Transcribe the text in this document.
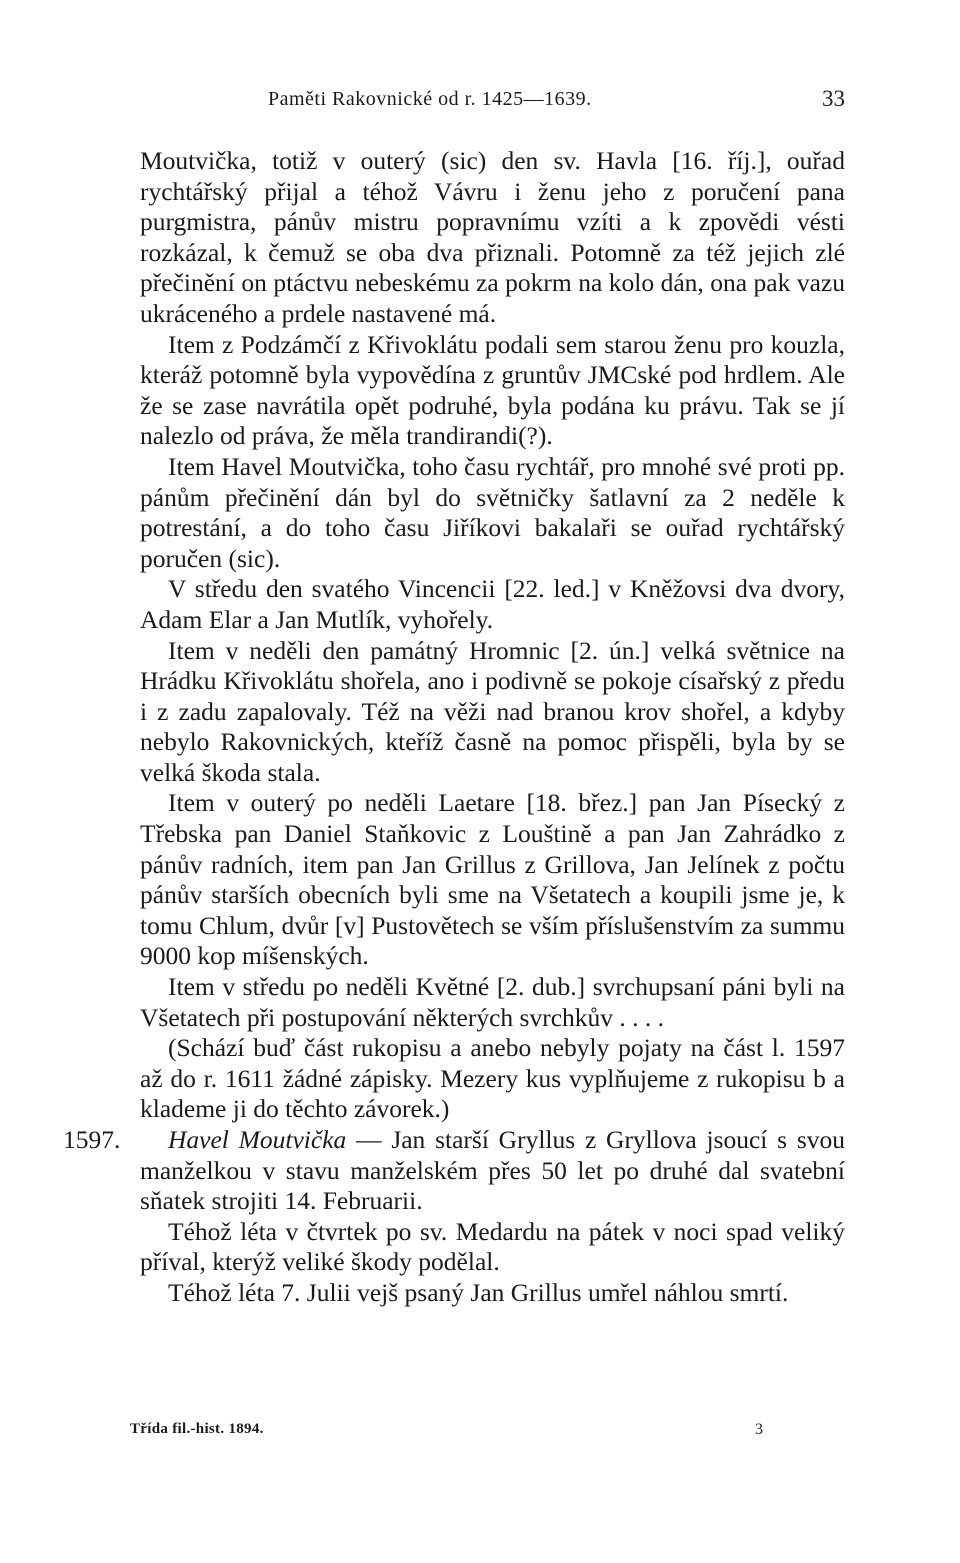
Paměti Rakovnické od r. 1425—1639.	33

Moutvička, totiž v outerý (sic) den sv. Havla [16. říj.], ouřad rychtářský přijal a téhož Vávru i ženu jeho z poručení pana purgmistra, pánův mistru popravnímu vzíti a k zpovědi vésti rozkázal, k čemuž se oba dva přiznali. Potomně za též jejich zlé přečinění on ptáctvu nebeskému za pokrm na kolo dán, ona pak vazu ukráceného a prdele nastavené má.

Item z Podzámčí z Křivoklátu podali sem starou ženu pro kouzla, kteráž potomně byla vypovědína z gruntův JMCské pod hrdlem. Ale že se zase navrátila opět podruhé, byla podána ku právu. Tak se jí nalezlo od práva, že měla trandirandi(?).

Item Havel Moutvička, toho času rychtář, pro mnohé své proti pp. pánům přečinění dán byl do světničky šatlavní za 2 neděle k potrestání, a do toho času Jiříkovi bakalaři se ouřad rychtářský poručen (sic).

V středu den svatého Vincencii [22. led.] v Kněžovsi dva dvory, Adam Elar a Jan Mutlík, vyhořely.

Item v neděli den památný Hromnic [2. ún.] velká světnice na Hrádku Křivoklátu shořela, ano i podivně se pokoje císařský z předu i z zadu zapalovaly. Též na věži nad branou krov shořel, a kdyby nebylo Rakovnických, kteříž časně na pomoc přispěli, byla by se velká škoda stala.

Item v outerý po neděli Laetare [18. břez.] pan Jan Písecký z Třebska pan Daniel Staňkovic z Louštině a pan Jan Zahrádko z pánův radních, item pan Jan Grillus z Grillova, Jan Jelínek z počtu pánův starších obecních byli sme na Všetatech a koupili jsme je, k tomu Chlum, dvůr [v] Pustovětech se vším příslušenstvím za summu 9000 kop míšenských.

Item v středu po neděli Květné [2. dub.] svrchupsaní páni byli na Všetatech při postupování některých svrchkův . . . .

(Schází buď část rukopisu a anebo nebyly pojaty na část l. 1597 až do r. 1611 žádné zápisky. Mezery kus vyplňujeme z rukopisu b a klademe ji do těchto závorek.)

1597.	Havel Moutvička — Jan starší Gryllus z Gryllova jsoucí s svou manželkou v stavu manželském přes 50 let po druhé dal svatební sňatek strojiti 14. Februarii.

Téhož léta v čtvrtek po sv. Medardu na pátek v noci spad veliký příval, kterýž veliké škody podělal.

Téhož léta 7. Julii vejš psaný Jan Grillus umřel náhlou smrtí.

Třída fil.-hist. 1894.	3
